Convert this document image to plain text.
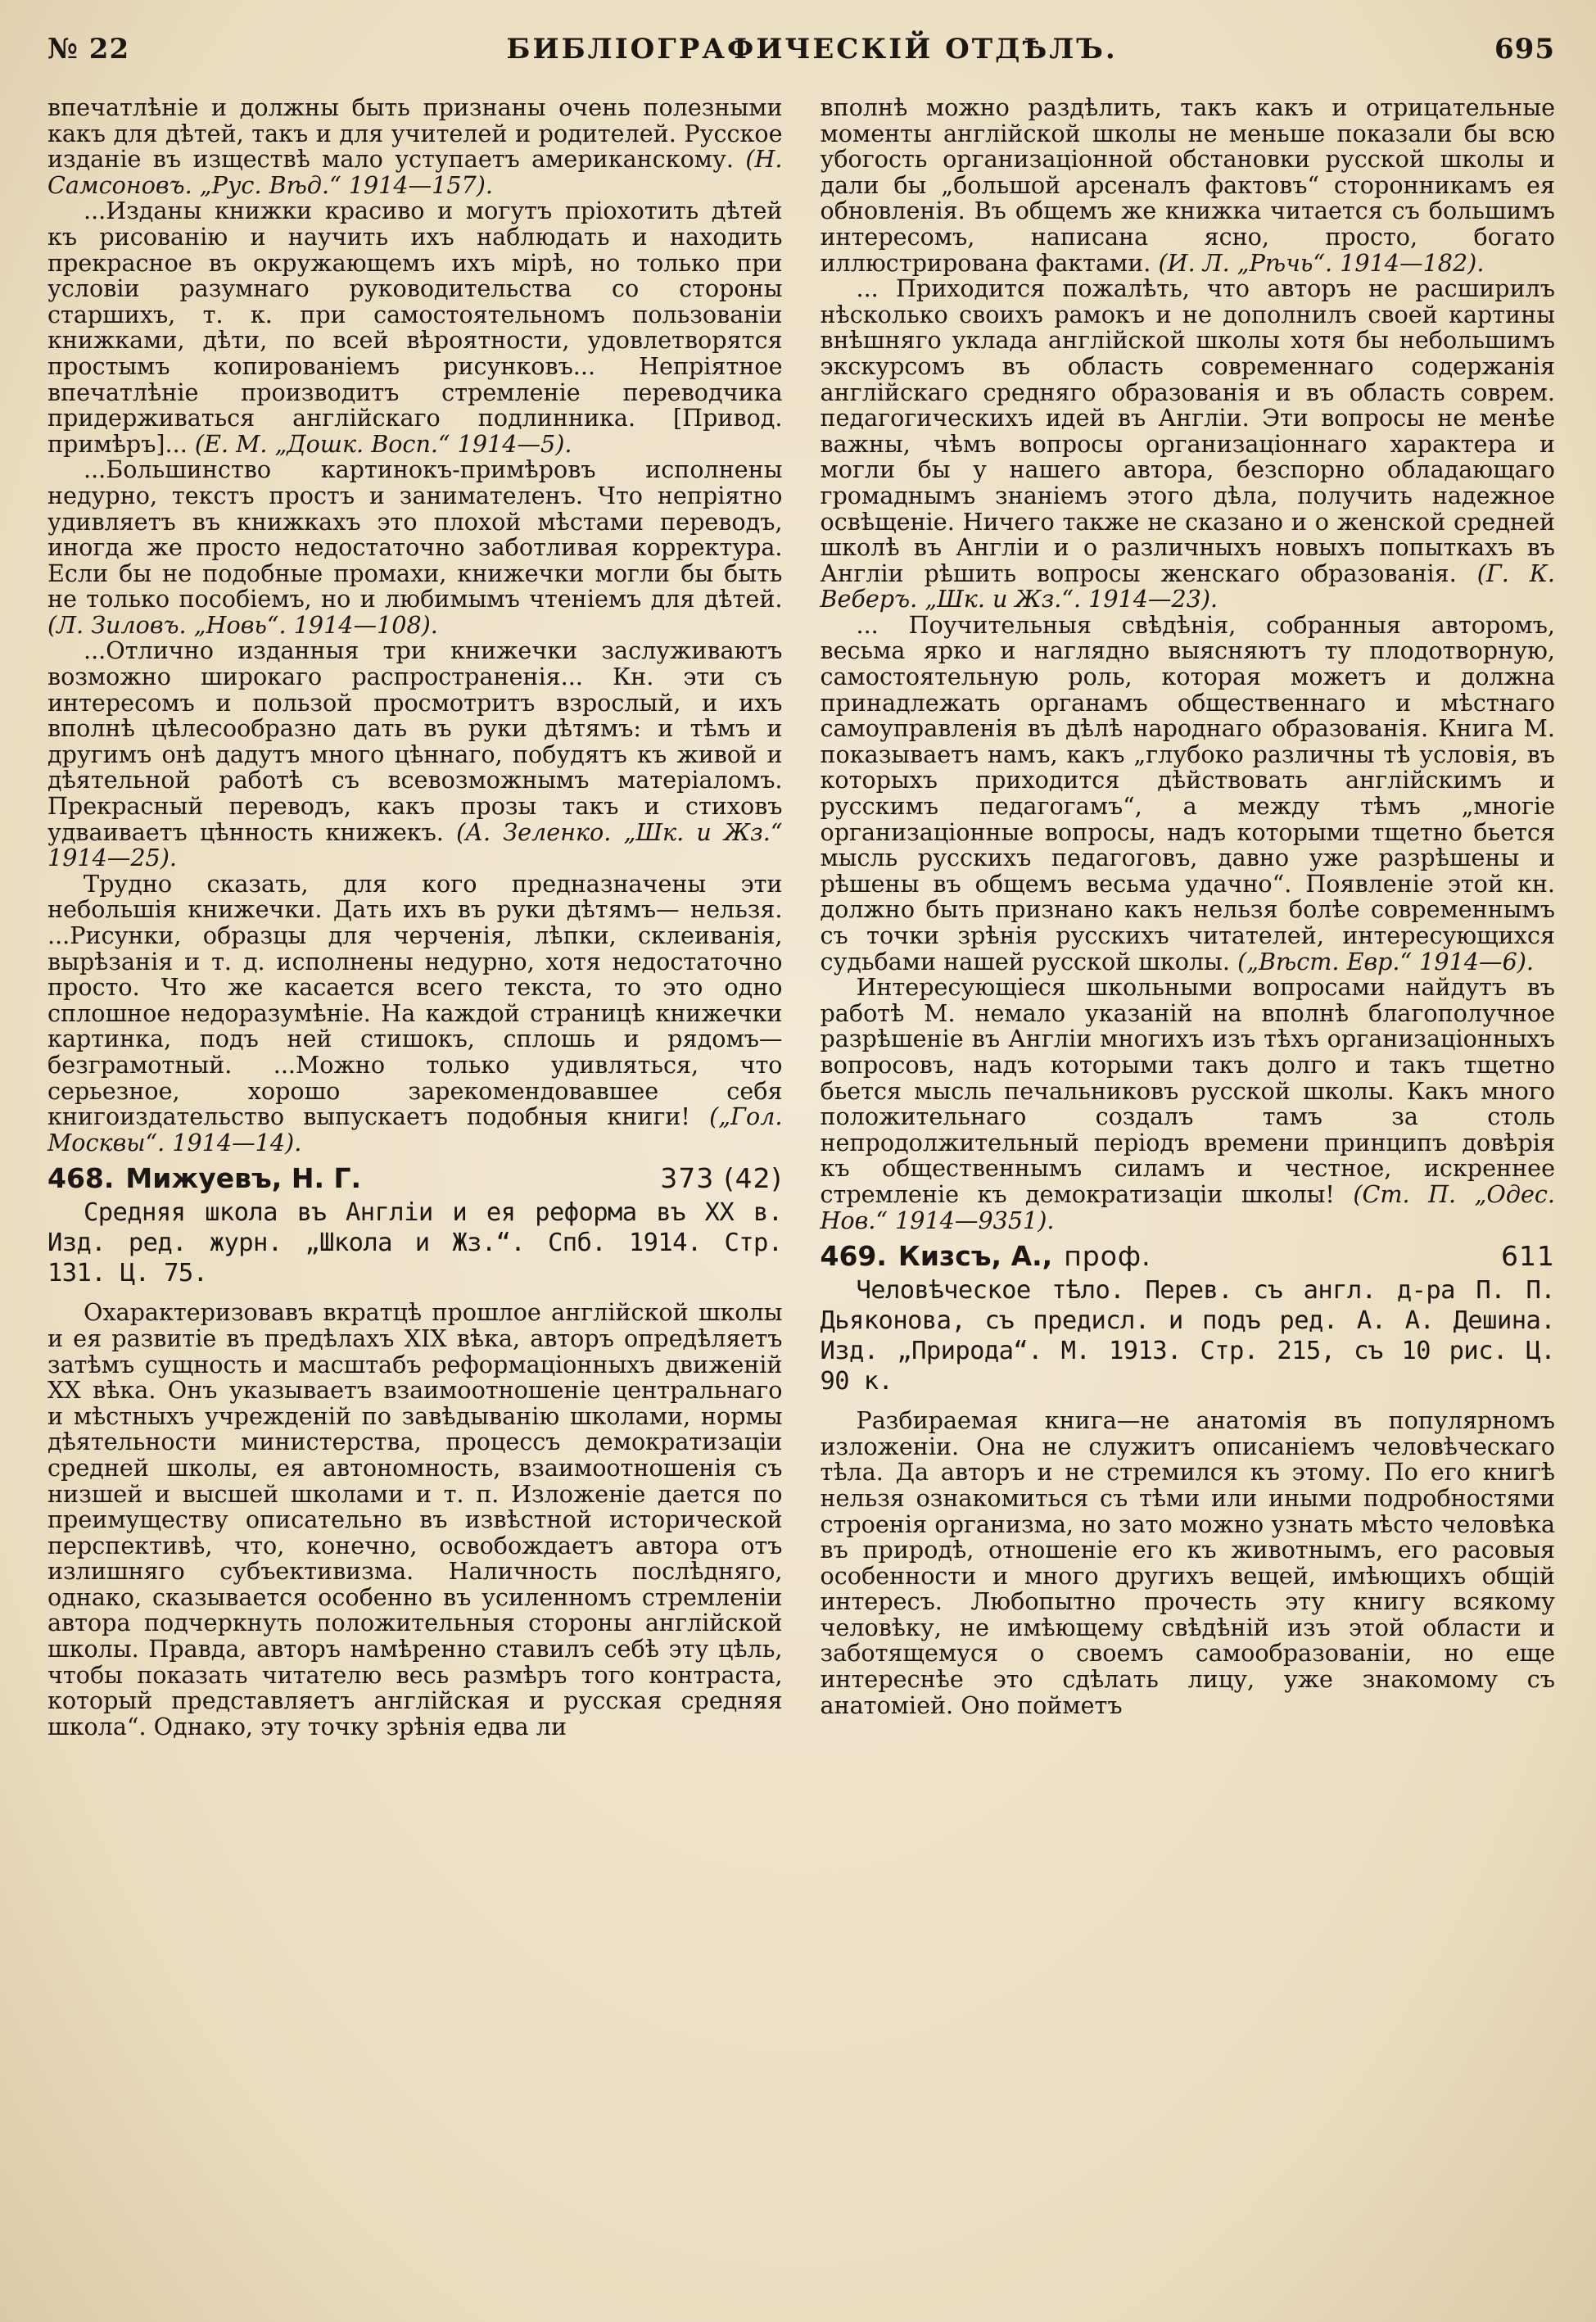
№ 22	БИБЛІОГРАФИЧЕСКІЙ ОТДѢЛЪ.	695

впечатлѣніе и должны быть признаны очень полезными какъ для дѣтей, такъ и для учителей и родителей. Русское изданіе въ изществѣ мало уступаетъ американскому. (Н. Самсоновъ. „Рус. Вѣд.“ 1914—157).

...Изданы книжки красиво и могутъ пріохотить дѣтей къ рисованію и научить ихъ наблюдать и находить прекрасное въ окружающемъ ихъ мірѣ, но только при условіи разумнаго руководительства со стороны старшихъ, т. к. при самостоятельномъ пользованіи книжками, дѣти, по всей вѣроятности, удовлетворятся простымъ копированіемъ рисунковъ... Непріятное впечатлѣніе производитъ стремленіе переводчика придерживаться англійскаго подлинника. [Привод. примѣръ]... (Е. М. „Дошк. Восп.“ 1914—5).

...Большинство картинокъ-примѣровъ исполнены недурно, текстъ простъ и занимателенъ. Что непріятно удивляетъ въ книжкахъ это плохой мѣстами переводъ, иногда же просто недостаточно заботливая корректура. Если бы не подобные промахи, книжечки могли бы быть не только пособіемъ, но и любимымъ чтеніемъ для дѣтей. (Л. Зиловъ. „Новь“. 1914—108).

...Отлично изданныя три книжечки заслуживаютъ возможно широкаго распространенія... Кн. эти съ интересомъ и пользой просмотритъ взрослый, и ихъ вполнѣ цѣлесообразно дать въ руки дѣтямъ: и тѣмъ и другимъ онѣ дадутъ много цѣннаго, побудятъ къ живой и дѣятельной работѣ съ всевозможнымъ матеріаломъ. Прекрасный переводъ, какъ прозы такъ и стиховъ удваиваетъ цѣнность книжекъ. (А. Зеленко. „Шк. и Жз.“ 1914—25).

Трудно сказать, для кого предназначены эти небольшія книжечки. Дать ихъ въ руки дѣтямъ— нельзя. ...Рисунки, образцы для черченія, лѣпки, склеиванія, вырѣзанія и т. д. исполнены недурно, хотя недостаточно просто. Что же касается всего текста, то это одно сплошное недоразумѣніе. На каждой страницѣ книжечки картинка, подъ ней стишокъ, сплошь и рядомъ—безграмотный. ...Можно только удивляться, что серьезное, хорошо зарекомендовавшее себя книгоиздательство выпускаетъ подобныя книги! („Гол. Москвы“. 1914—14).

468. Мижуевъ, Н. Г.	373 (42)

Средняя школа въ Англіи и ея реформа въ XX в. Изд. ред. журн. „Школа и Жз.“. Спб. 1914. Стр. 131. Ц. 75.

Охарактеризовавъ вкратцѣ прошлое англійской школы и ея развитіе въ предѣлахъ XIX вѣка, авторъ опредѣляетъ затѣмъ сущность и масштабъ реформаціонныхъ движеній XX вѣка. Онъ указываетъ взаимоотношеніе центральнаго и мѣстныхъ учрежденій по завѣдыванію школами, нормы дѣятельности министерства, процессъ демократизаціи средней школы, ея автономность, взаимоотношенія съ низшей и высшей школами и т. п. Изложеніе дается по преимуществу описательно въ извѣстной исторической перспективѣ, что, конечно, освобождаетъ автора отъ излишняго субъективизма. Наличность послѣдняго, однако, сказывается особенно въ усиленномъ стремленіи автора подчеркнуть положительныя стороны англійской школы. Правда, авторъ намѣренно ставилъ себѣ эту цѣль, чтобы показать читателю весь размѣръ того контраста, который представляетъ англійская и русская средняя школа“. Однако, эту точку зрѣнія едва ли

вполнѣ можно раздѣлить, такъ какъ и отрицательные моменты англійской школы не меньше показали бы всю убогость организаціонной обстановки русской школы и дали бы „большой арсеналъ фактовъ“ сторонникамъ ея обновленія. Въ общемъ же книжка читается съ большимъ интересомъ, написана ясно, просто, богато иллюстрирована фактами. (И. Л. „Рѣчь“. 1914—182).

... Приходится пожалѣть, что авторъ не расширилъ нѣсколько своихъ рамокъ и не дополнилъ своей картины внѣшняго уклада англійской школы хотя бы небольшимъ экскурсомъ въ область современнаго содержанія англійскаго средняго образованія и въ область соврем. педагогическихъ идей въ Англіи. Эти вопросы не менѣе важны, чѣмъ вопросы организаціоннаго характера и могли бы у нашего автора, безспорно обладающаго громаднымъ знаніемъ этого дѣла, получить надежное освѣщеніе. Ничего также не сказано и о женской средней школѣ въ Англіи и о различныхъ новыхъ попыткахъ въ Англіи рѣшить вопросы женскаго образованія. (Г. К. Веберъ. „Шк. и Жз.“. 1914—23).

... Поучительныя свѣдѣнія, собранныя авторомъ, весьма ярко и наглядно выясняютъ ту плодотворную, самостоятельную роль, которая можетъ и должна принадлежать органамъ общественнаго и мѣстнаго самоуправленія въ дѣлѣ народнаго образованія. Книга М. показываетъ намъ, какъ „глубоко различны тѣ условія, въ которыхъ приходится дѣйствовать англійскимъ и русскимъ педагогамъ“, а между тѣмъ „многіе организаціонные вопросы, надъ которыми тщетно бьется мысль русскихъ педагоговъ, давно уже разрѣшены и рѣшены въ общемъ весьма удачно“. Появленіе этой кн. должно быть признано какъ нельзя болѣе современнымъ съ точки зрѣнія русскихъ читателей, интересующихся судьбами нашей русской школы. („Вѣст. Евр.“ 1914—6).

Интересующіеся школьными вопросами найдутъ въ работѣ М. немало указаній на вполнѣ благополучное разрѣшеніе въ Англіи многихъ изъ тѣхъ организаціонныхъ вопросовъ, надъ которыми такъ долго и такъ тщетно бьется мысль печальниковъ русской школы. Какъ много положительнаго создалъ тамъ за столь непродолжительный періодъ времени принципъ довѣрія къ общественнымъ силамъ и честное, искреннее стремленіе къ демократизаціи школы! (Ст. П. „Одес. Нов.“ 1914—9351).

469. Кизсъ, А., проф.	611

Человѣческое тѣло. Перев. съ англ. д-ра П. П. Дьяконова, съ предисл. и подъ ред. А. А. Дешина. Изд. „Природа“. М. 1913. Стр. 215, съ 10 рис. Ц. 90 к.

Разбираемая книга—не анатомія въ популярномъ изложеніи. Она не служитъ описаніемъ человѣческаго тѣла. Да авторъ и не стремился къ этому. По его книгѣ нельзя ознакомиться съ тѣми или иными подробностями строенія организма, но зато можно узнать мѣсто человѣка въ природѣ, отношеніе его къ животнымъ, его расовыя особенности и много другихъ вещей, имѣющихъ общій интересъ. Любопытно прочесть эту книгу всякому человѣку, не имѣющему свѣдѣній изъ этой области и заботящемуся о своемъ самообразованіи, но еще интереснѣе это сдѣлать лицу, уже знакомому съ анатоміей. Оно пойметъ
